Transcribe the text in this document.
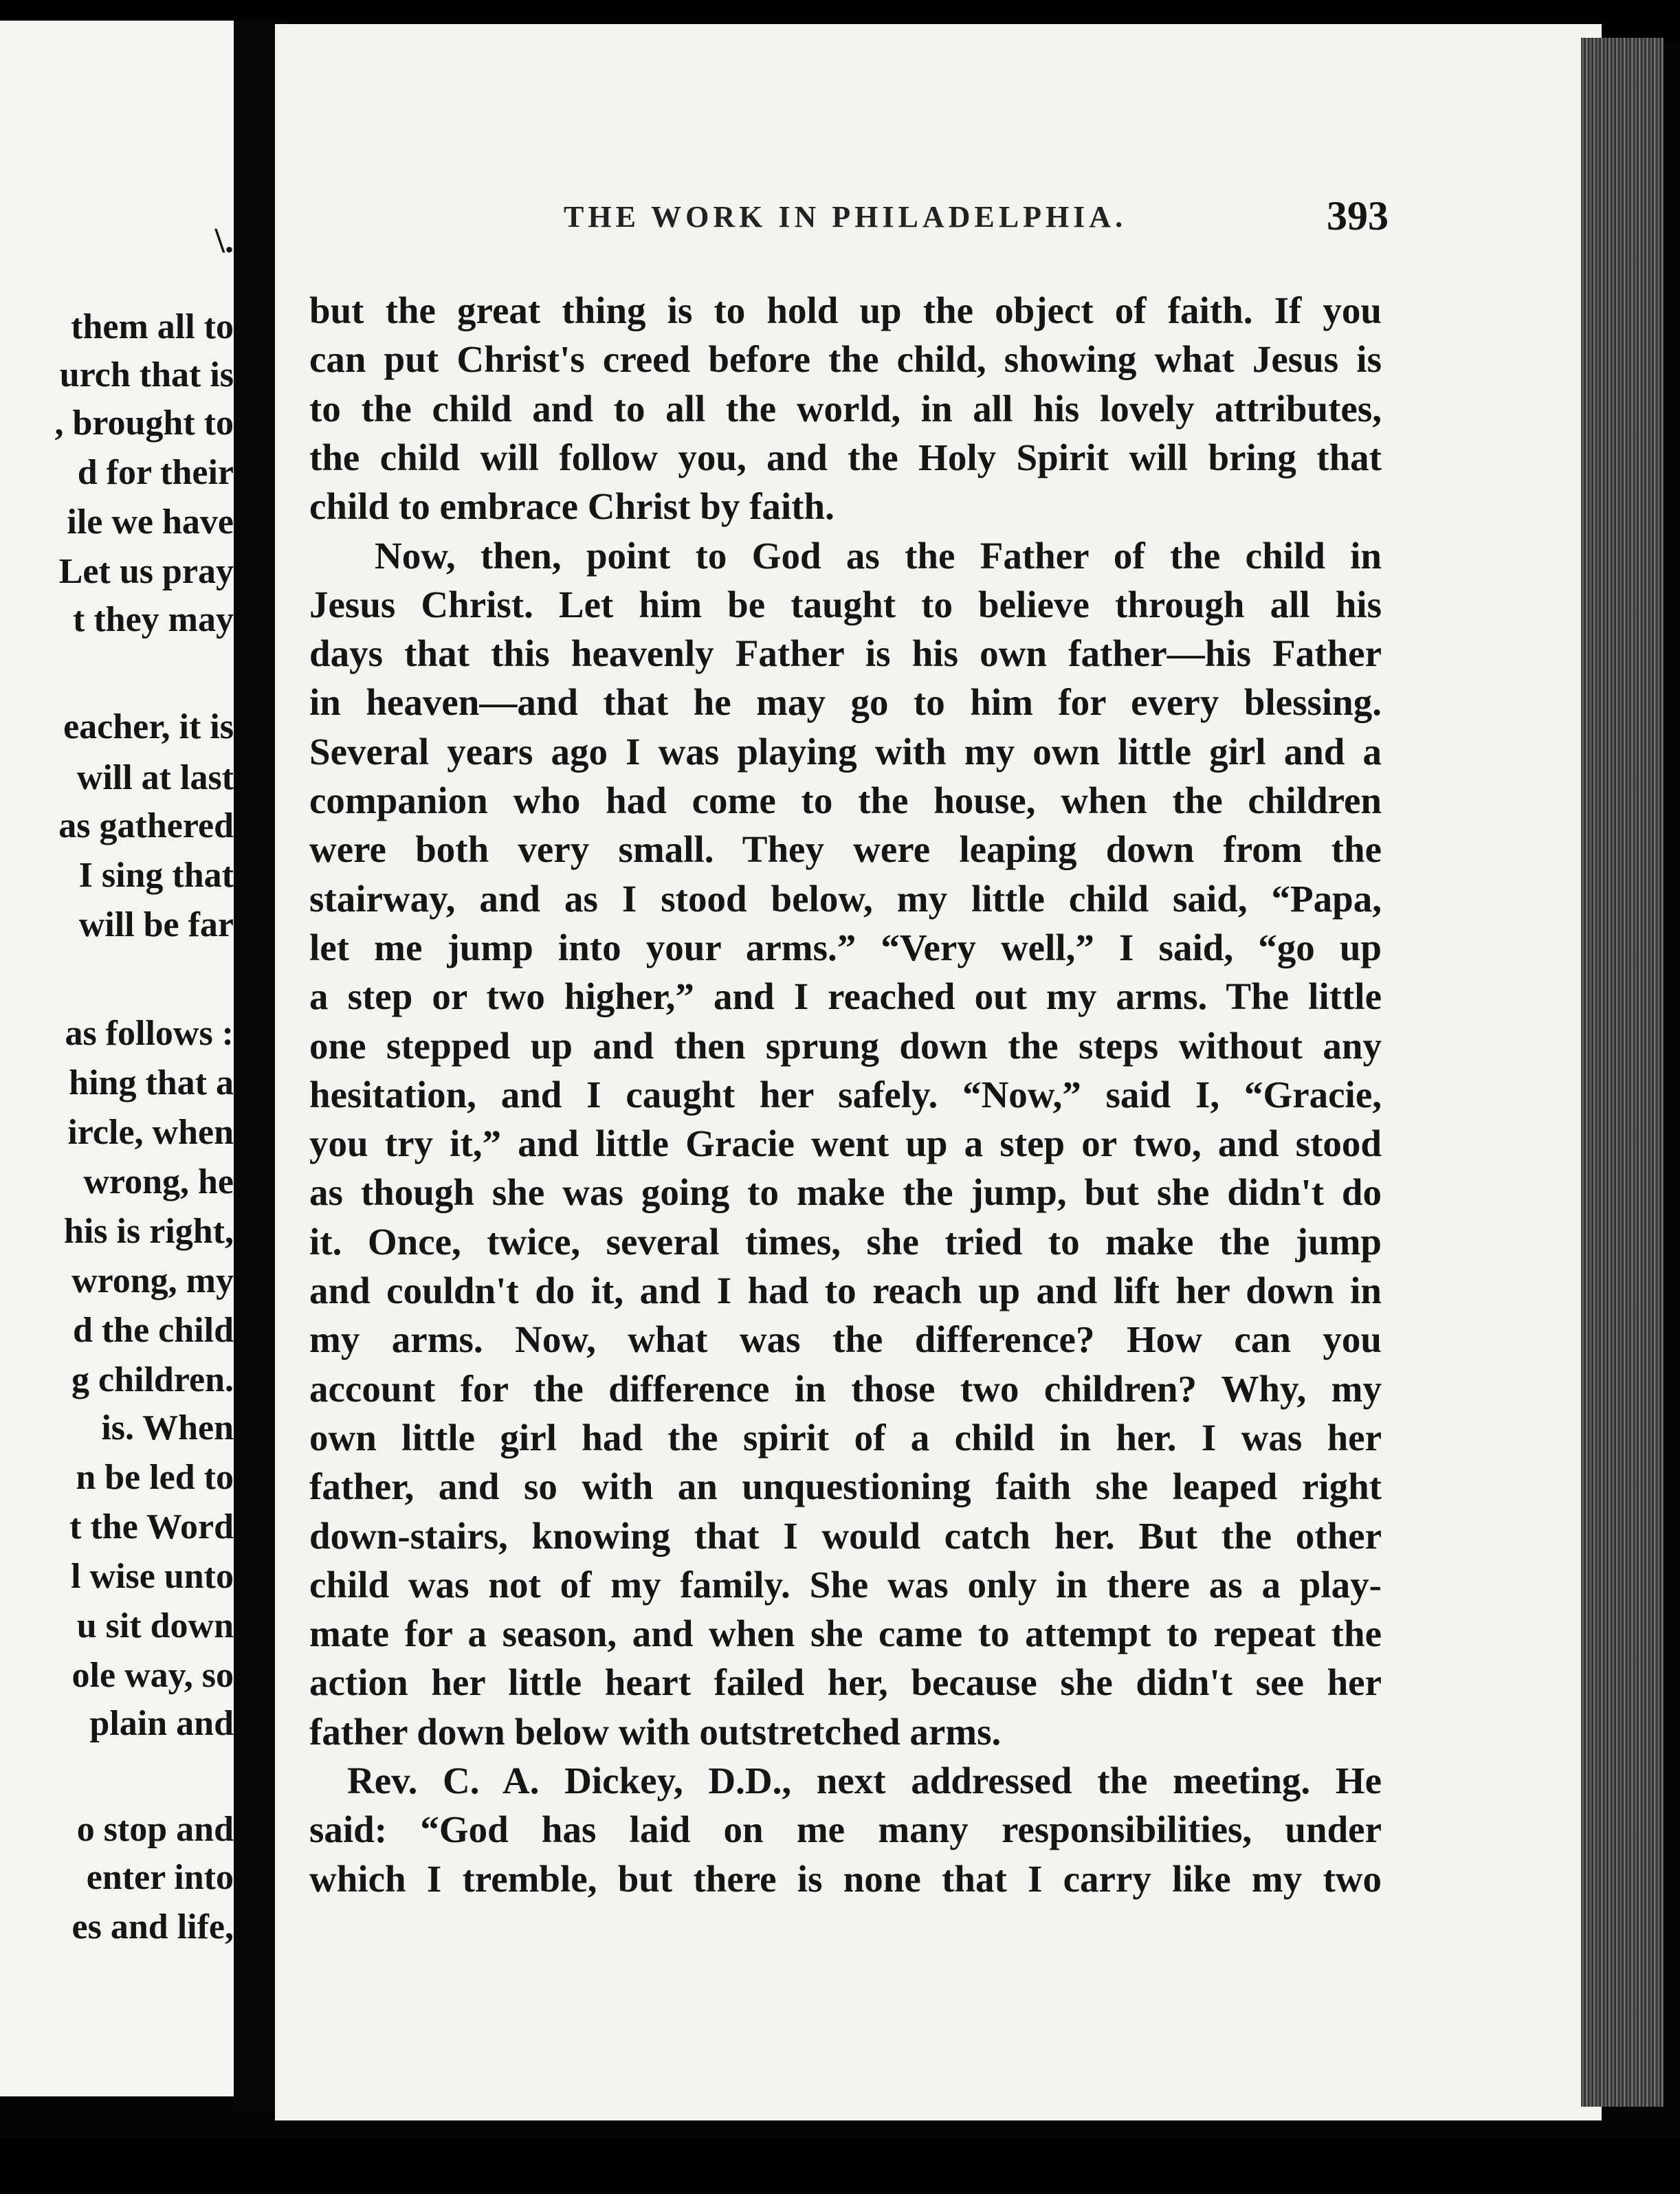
\.
them all to
urch that is
, brought to
d for their
ile we have
Let us pray
t they may
eacher, it is
will at last
as gathered
I sing that
will be far
as follows :
hing that a
ircle, when
wrong, he
his is right,
wrong, my
d the child
g children.
is. When
n be led to
t the Word
l wise unto
u sit down
ole way, so
plain and
o stop and
enter into
es and life,
THE WORK IN PHILADELPHIA.	393
but the great thing is to hold up the object of faith. If you
can put Christ's creed before the child, showing what Jesus is
to the child and to all the world, in all his lovely attributes,
the child will follow you, and the Holy Spirit will bring that
child to embrace Christ by faith.
Now, then, point to God as the Father of the child in
Jesus Christ. Let him be taught to believe through all his
days that this heavenly Father is his own father—his Father
in heaven—and that he may go to him for every blessing.
Several years ago I was playing with my own little girl and a
companion who had come to the house, when the children
were both very small. They were leaping down from the
stairway, and as I stood below, my little child said, “Papa,
let me jump into your arms.” “Very well,” I said, “go up
a step or two higher,” and I reached out my arms. The little
one stepped up and then sprung down the steps without any
hesitation, and I caught her safely. “Now,” said I, “Gracie,
you try it,” and little Gracie went up a step or two, and stood
as though she was going to make the jump, but she didn't do
it. Once, twice, several times, she tried to make the jump
and couldn't do it, and I had to reach up and lift her down in
my arms. Now, what was the difference? How can you
account for the difference in those two children? Why, my
own little girl had the spirit of a child in her. I was her
father, and so with an unquestioning faith she leaped right
down-stairs, knowing that I would catch her. But the other
child was not of my family. She was only in there as a play-
mate for a season, and when she came to attempt to repeat the
action her little heart failed her, because she didn't see her
father down below with outstretched arms.
Rev. C. A. Dickey, D.D., next addressed the meeting. He
said: “God has laid on me many responsibilities, under
which I tremble, but there is none that I carry like my two
